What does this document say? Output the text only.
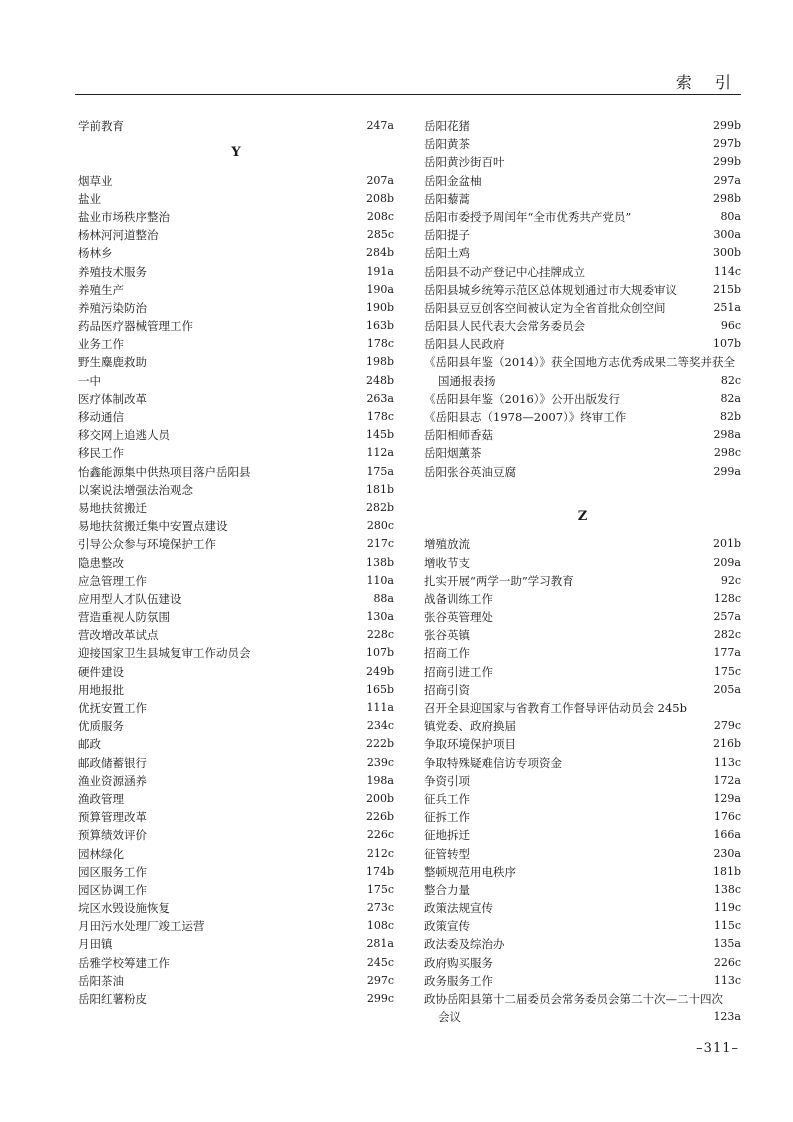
索 引
学前教育	247a
Y
烟草业	207a
盐业	208b
盐业市场秩序整治	208c
杨林河河道整治	285c
杨林乡	284b
养殖技术服务	191a
养殖生产	190a
养殖污染防治	190b
药品医疗器械管理工作	163b
业务工作	178c
野生麋鹿救助	198b
一中	248b
医疗体制改革	263a
移动通信	178c
移交网上追逃人员	145b
移民工作	112a
怡鑫能源集中供热项目落户岳阳县	175a
以案说法增强法治观念	181b
易地扶贫搬迁	282b
易地扶贫搬迁集中安置点建设	280c
引导公众参与环境保护工作	217c
隐患整改	138b
应急管理工作	110a
应用型人才队伍建设	88a
营造重视人防氛围	130a
营改增改革试点	228c
迎接国家卫生县城复审工作动员会	107b
硬件建设	249b
用地报批	165b
优抚安置工作	111a
优质服务	234c
邮政	222b
邮政储蓄银行	239c
渔业资源涵养	198a
渔政管理	200b
预算管理改革	226b
预算绩效评价	226c
园林绿化	212c
园区服务工作	174b
园区协调工作	175c
垸区水毁设施恢复	273c
月田污水处理厂竣工运营	108c
月田镇	281a
岳雅学校筹建工作	245c
岳阳茶油	297c
岳阳红薯粉皮	299c
岳阳花猪	299b
岳阳黄茶	297b
岳阳黄沙街百叶	299b
岳阳金盆柚	297a
岳阳藜蒿	298b
岳阳市委授予周闰年“全市优秀共产党员”	80a
岳阳提子	300a
岳阳土鸡	300b
岳阳县不动产登记中心挂牌成立	114c
岳阳县城乡统筹示范区总体规划通过市大规委审议	215b
岳阳县豆豆创客空间被认定为全省首批众创空间	251a
岳阳县人民代表大会常务委员会	96c
岳阳县人民政府	107b
《岳阳县年鉴（2014）》获全国地方志优秀成果二等奖并获全
国通报表扬	82c
《岳阳县年鉴（2016）》公开出版发行	82a
《岳阳县志（1978—2007）》终审工作	82b
岳阳相师香菇	298a
岳阳烟薰茶	298c
岳阳张谷英油豆腐	299a
Z
增殖放流	201b
增收节支	209a
扎实开展“两学一助”学习教育	92c
战备训练工作	128c
张谷英管理处	257a
张谷英镇	282c
招商工作	177a
招商引进工作	175c
招商引资	205a
召开全县迎国家与省教育工作督导评估动员会 245b
镇党委、政府换届	279c
争取环境保护项目	216b
争取特殊疑难信访专项资金	113c
争资引项	172a
征兵工作	129a
征拆工作	176c
征地拆迁	166a
征管转型	230a
整顿规范用电秩序	181b
整合力量	138c
政策法规宣传	119c
政策宣传	115c
政法委及综治办	135a
政府购买服务	226c
政务服务工作	113c
政协岳阳县第十二届委员会常务委员会第二十次—二十四次
会议	123a
–311–
